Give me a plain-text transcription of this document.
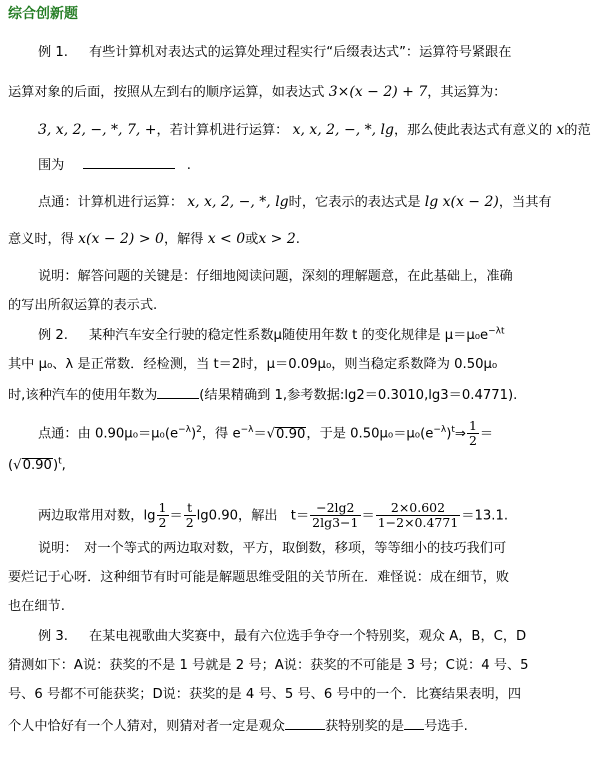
综合创新题
例 1. 有些计算机对表达式的运算处理过程实行“后缀表达式”：运算符号紧跟在
运算对象的后面，按照从左到右的顺序运算，如表达式 3×(x − 2) + 7，其运算为：
3, x, 2, −, *, 7, +，若计算机进行运算： x, x, 2, −, *, lg，那么使此表达式有意义的 x的范
围为	.
点通：计算机进行运算： x, x, 2, −, *, lg时，它表示的表达式是 lg x(x − 2)，当其有
意义时，得 x(x − 2) > 0，解得 x < 0或x > 2.
说明：解答问题的关键是：仔细地阅读问题，深刻的理解题意，在此基础上，准确
的写出所叙运算的表示式.
例 2. 某种汽车安全行驶的稳定性系数μ随使用年数 t 的变化规律是 $\mu=\mu_0e^{-\lambda t}$
其中 μ₀、λ 是正常数．经检测，当 t＝2时，μ＝0.09μ₀，则当稳定系数降为 0.50μ₀
时,该种汽车的使用年数为	(结果精确到 1,参考数据:lg2＝0.3010,lg3＝0.4771).
点通：由 $0.90\mu_0=\mu_0(e^{-\lambda})^2$，得 $e^{-\lambda}=√0.90$，于是 $0.50\mu_0=\mu_0(e^{-\lambda})^t\Rightarrow \frac{1}{2}$ ＝
$(√0.90)^t$,
两边取常用对数，$\lg \frac{1}{2} = \frac{t}{2} \lg 0.90$，解出　$t= \frac{-2\lg 2}{2\lg 3-1} = \frac{2\times 0.602}{1-2\times 0.4771} =13.1$.
说明：　对一个等式的两边取对数，平方，取倒数，移项，等等细小的技巧我们可
要烂记于心呀．这种细节有时可能是解题思维受阻的关节所在．难怪说：成在细节，败
也在细节.
例 3. 在某电视歌曲大奖赛中，最有六位选手争夺一个特别奖，观众 A，B，C，D
猜测如下：A说：获奖的不是 1 号就是 2 号；A说：获奖的不可能是 3 号；C说：4 号、5
号、6 号都不可能获奖；D说：获奖的是 4 号、5 号、6 号中的一个．比赛结果表明，四
个人中恰好有一个人猜对，则猜对者一定是观众	获特别奖的是 号选手.
